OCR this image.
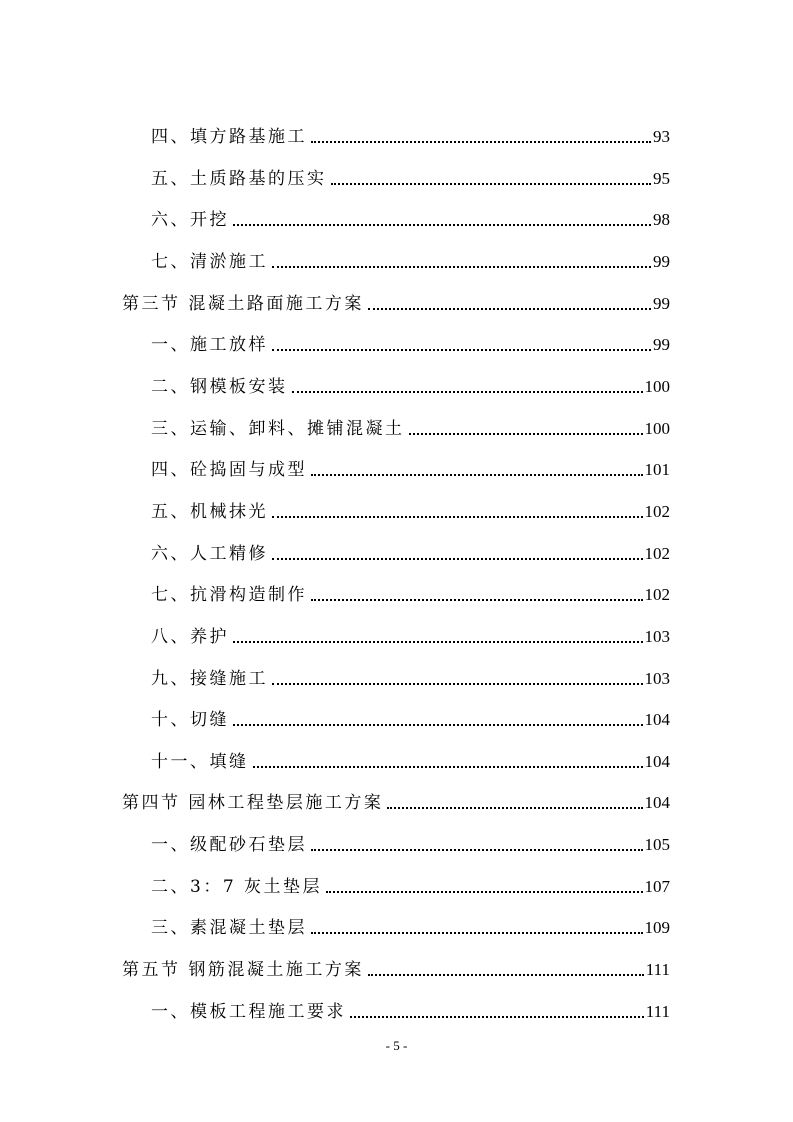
四、填方路基施工	93
五、土质路基的压实	95
六、开挖	98
七、清淤施工	99
第三节 混凝土路面施工方案	99
一、施工放样	99
二、钢模板安装	100
三、运输、卸料、摊铺混凝土	100
四、砼捣固与成型	101
五、机械抹光	102
六、人工精修	102
七、抗滑构造制作	102
八、养护	103
九、接缝施工	103
十、切缝	104
十一、填缝	104
第四节 园林工程垫层施工方案	104
一、级配砂石垫层	105
二、3：7 灰土垫层	107
三、素混凝土垫层	109
第五节 钢筋混凝土施工方案	111
一、模板工程施工要求	111
- 5 -
